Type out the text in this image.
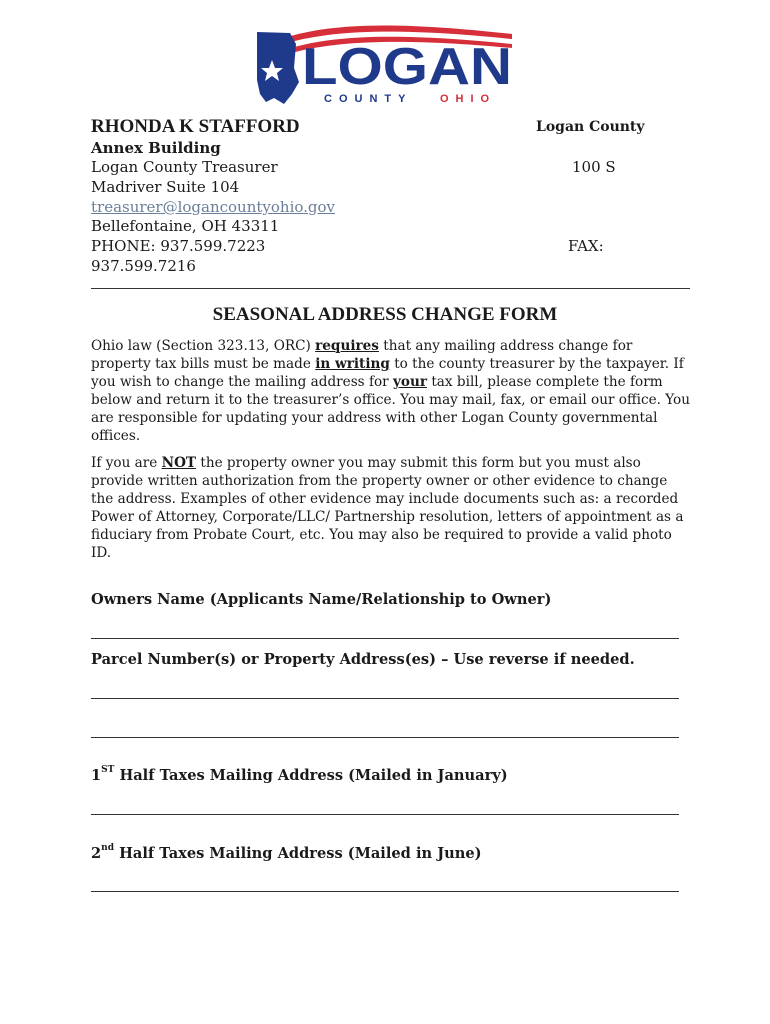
LOGAN
COUNTY	OHIO
RHONDA K STAFFORD	Logan County
Annex Building
Logan County Treasurer
Madriver Suite 104
treasurer@logancountyohio.gov
Bellefontaine, OH 43311
PHONE: 937.599.7223
937.599.7216
100 S
FAX:
SEASONAL ADDRESS CHANGE FORM
Ohio law (Section 323.13, ORC) requires that any mailing address change for property tax bills must be made in writing to the county treasurer by the taxpayer. If you wish to change the mailing address for your tax bill, please complete the form below and return it to the treasurer’s office. You may mail, fax, or email our office. You are responsible for updating your address with other Logan County governmental offices.
If you are NOT the property owner you may submit this form but you must also provide written authorization from the property owner or other evidence to change the address. Examples of other evidence may include documents such as: a recorded Power of Attorney, Corporate/LLC/ Partnership resolution, letters of appointment as a fiduciary from Probate Court, etc. You may also be required to provide a valid photo ID.
Owners Name (Applicants Name/Relationship to Owner)
Parcel Number(s) or Property Address(es) – Use reverse if needed.
1ST Half Taxes Mailing Address (Mailed in January)
2nd Half Taxes Mailing Address (Mailed in June)
